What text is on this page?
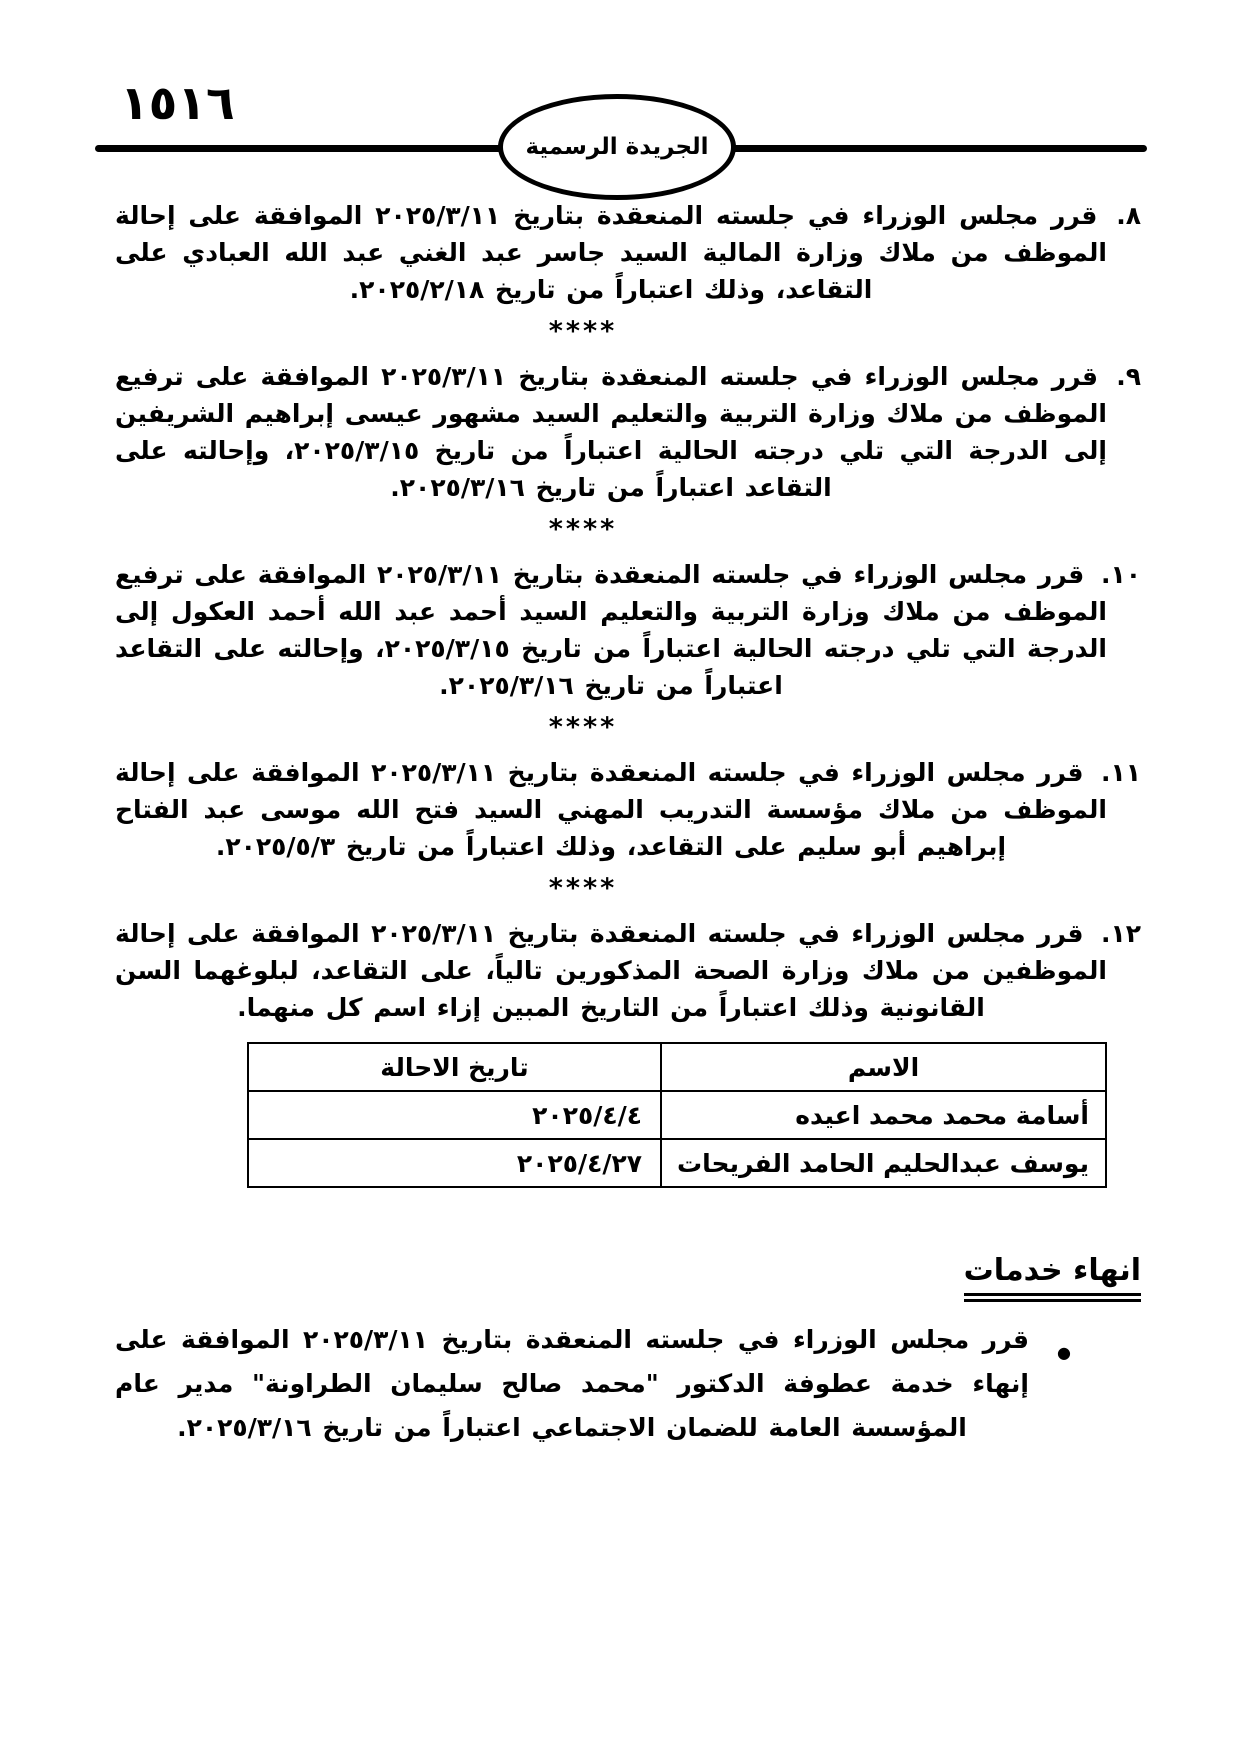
١٥١٦
الجريدة الرسمية
٨. قرر مجلس الوزراء في جلسته المنعقدة بتاريخ ٢٠٢٥/٣/١١ الموافقة على إحالة الموظف من ملاك وزارة المالية السيد جاسر عبد الغني عبد الله العبادي على التقاعد، وذلك اعتباراً من تاريخ ٢٠٢٥/٢/١٨.
****
٩. قرر مجلس الوزراء في جلسته المنعقدة بتاريخ ٢٠٢٥/٣/١١ الموافقة على ترفيع الموظف من ملاك وزارة التربية والتعليم السيد مشهور عيسى إبراهيم الشريفين إلى الدرجة التي تلي درجته الحالية اعتباراً من تاريخ ٢٠٢٥/٣/١٥، وإحالته على التقاعد اعتباراً من تاريخ ٢٠٢٥/٣/١٦.
****
١٠. قرر مجلس الوزراء في جلسته المنعقدة بتاريخ ٢٠٢٥/٣/١١ الموافقة على ترفيع الموظف من ملاك وزارة التربية والتعليم السيد أحمد عبد الله أحمد العكول إلى الدرجة التي تلي درجته الحالية اعتباراً من تاريخ ٢٠٢٥/٣/١٥، وإحالته على التقاعد اعتباراً من تاريخ ٢٠٢٥/٣/١٦.
****
١١. قرر مجلس الوزراء في جلسته المنعقدة بتاريخ ٢٠٢٥/٣/١١ الموافقة على إحالة الموظف من ملاك مؤسسة التدريب المهني السيد فتح الله موسى عبد الفتاح إبراهيم أبو سليم على التقاعد، وذلك اعتباراً من تاريخ ٢٠٢٥/٥/٣.
****
١٢. قرر مجلس الوزراء في جلسته المنعقدة بتاريخ ٢٠٢٥/٣/١١ الموافقة على إحالة الموظفين من ملاك وزارة الصحة المذكورين تالياً، على التقاعد، لبلوغهما السن القانونية وذلك اعتباراً من التاريخ المبين إزاء اسم كل منهما.
الاسم	تاريخ الاحالة
أسامة محمد محمد اعيده	٢٠٢٥/٤/٤
يوسف عبدالحليم الحامد الفريحات	٢٠٢٥/٤/٢٧
انهاء خدمات
●
قرر مجلس الوزراء في جلسته المنعقدة بتاريخ ٢٠٢٥/٣/١١ الموافقة على إنهاء خدمة عطوفة الدكتور "محمد صالح سليمان الطراونة" مدير عام المؤسسة العامة للضمان الاجتماعي اعتباراً من تاريخ ٢٠٢٥/٣/١٦.
